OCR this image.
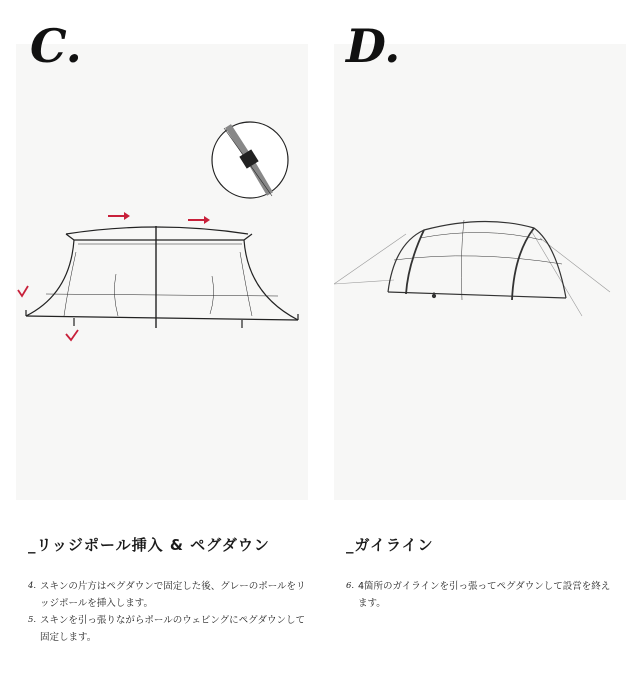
C.
_リッジポール挿入 & ペグダウン
4. スキンの片方はペグダウンで固定した後、グレーのポールをリッジポールを挿入します。
5. スキンを引っ張りながらポールのウェビングにペグダウンして固定します。
D.
_ガイライン
6. 4箇所のガイラインを引っ張ってペグダウンして設営を終えます。
